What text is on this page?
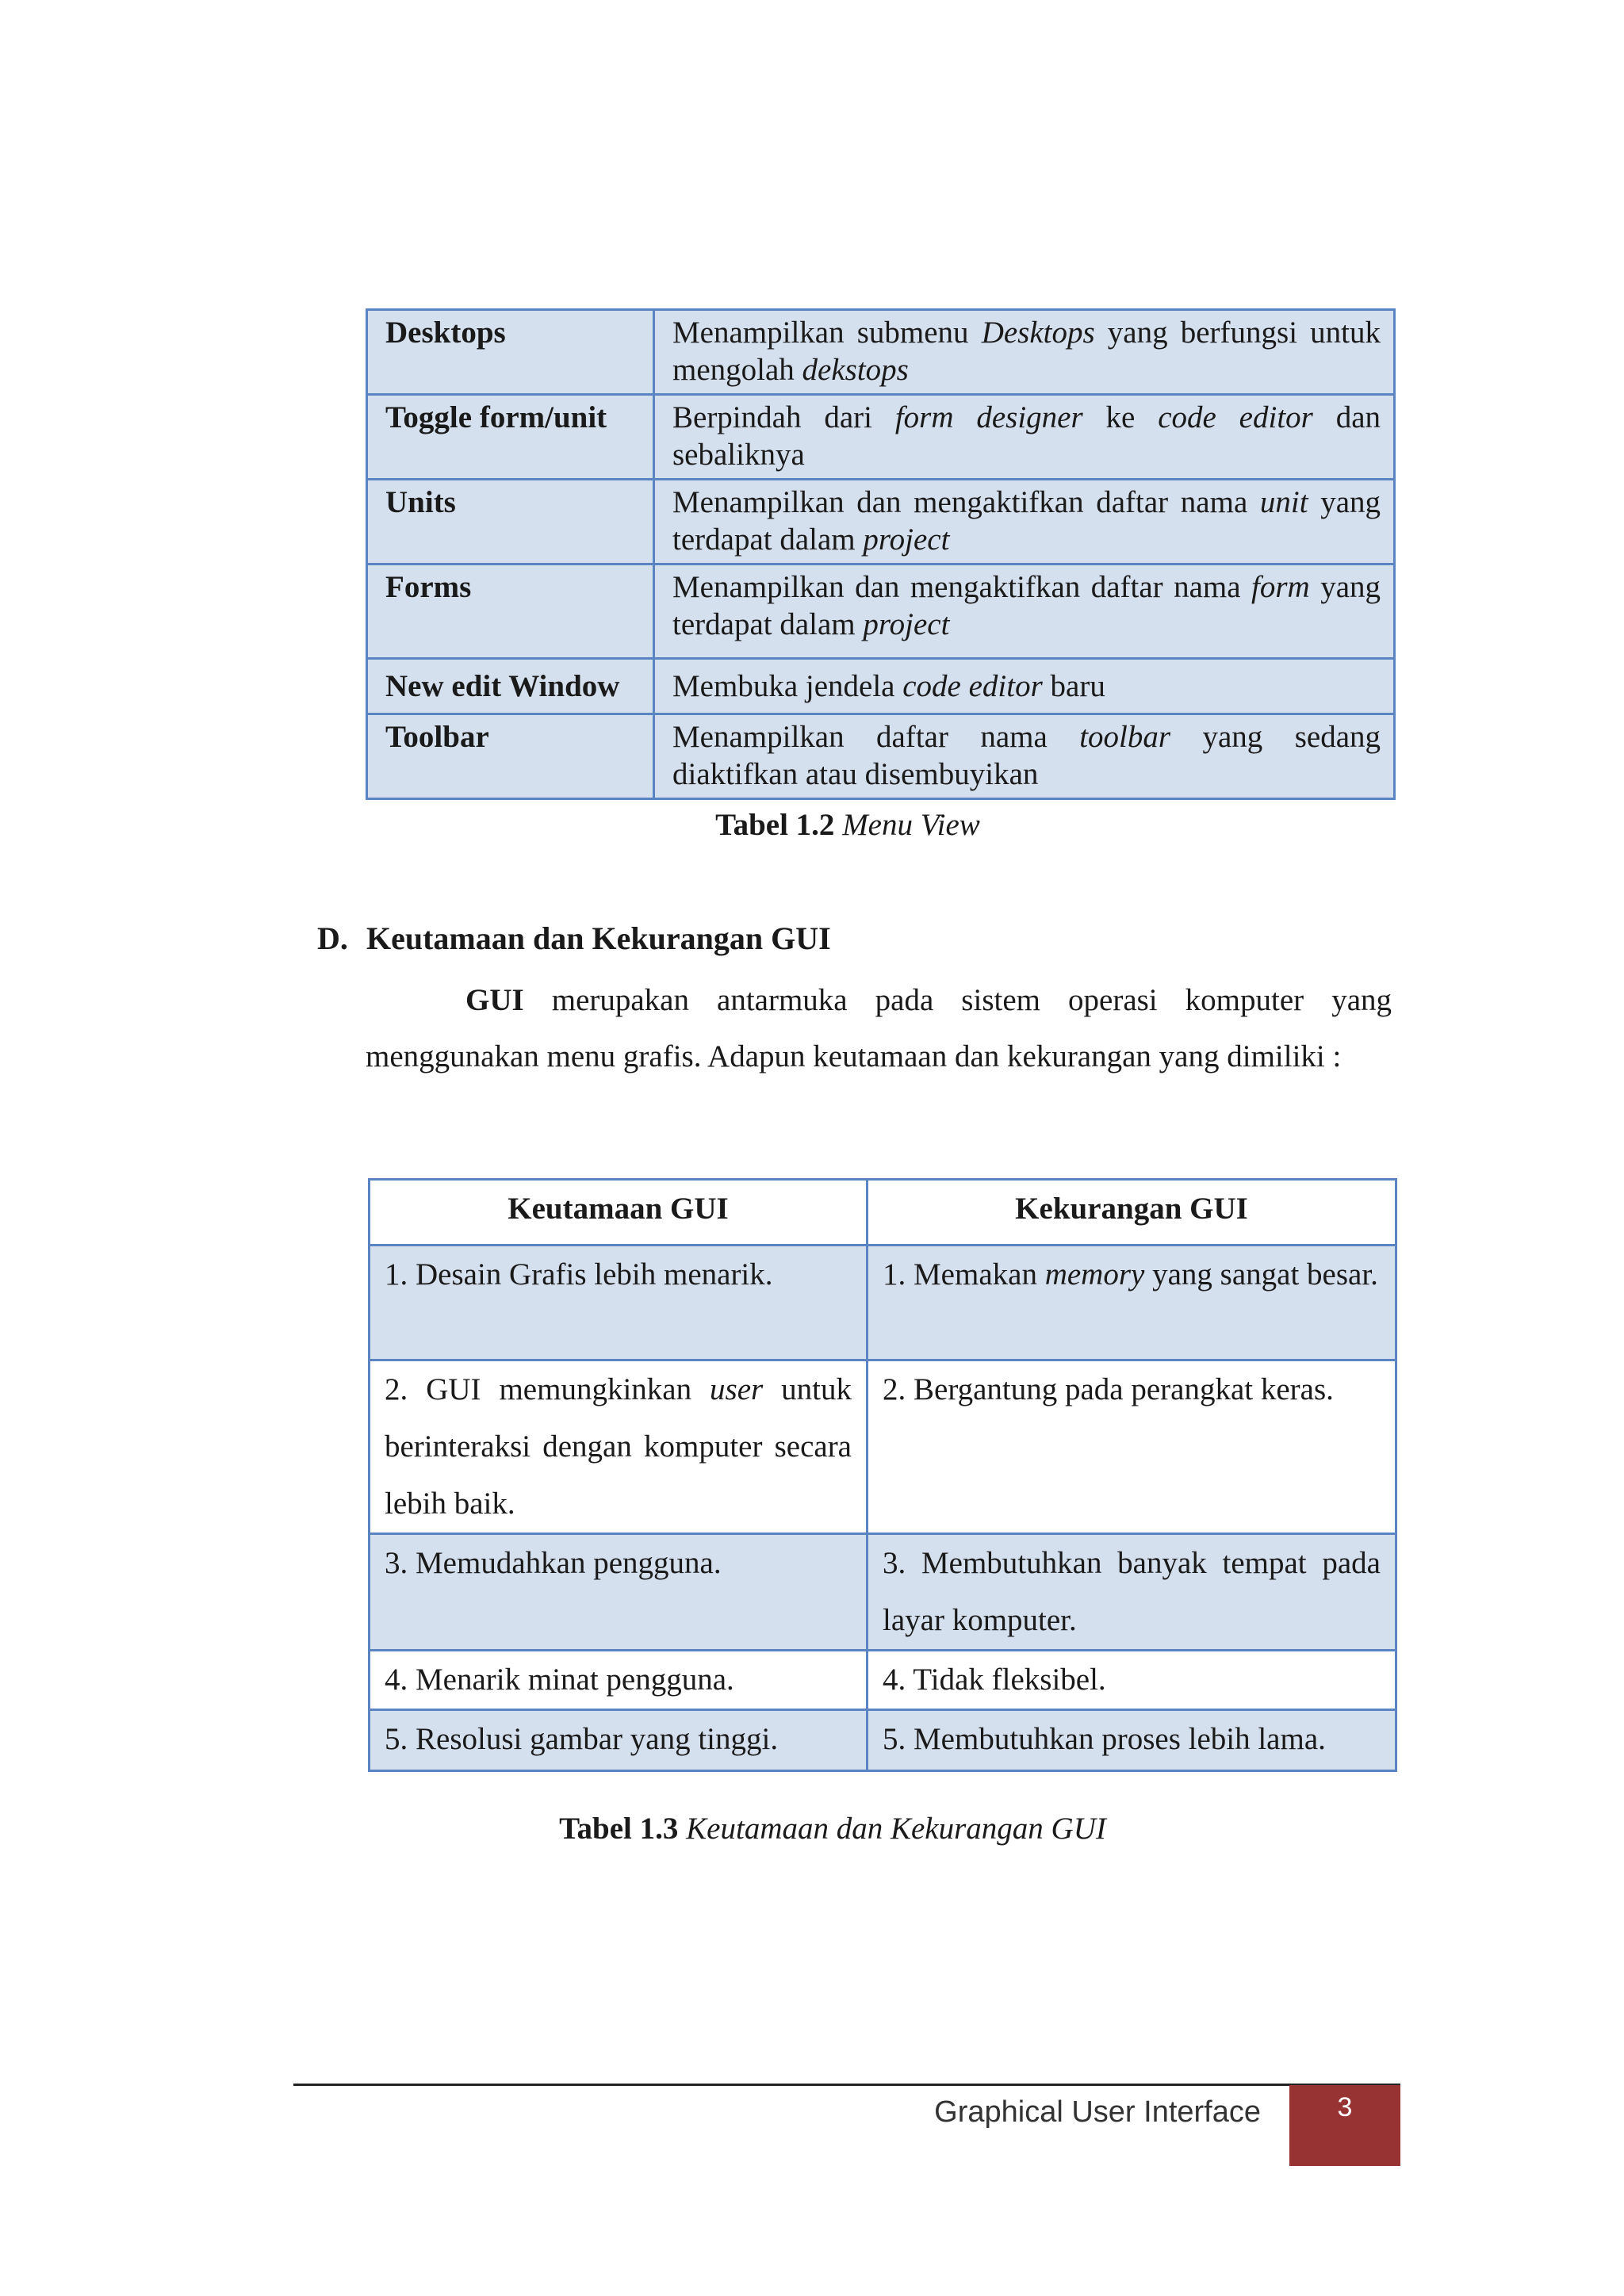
Desktops	Menampilkan submenu Desktops yang berfungsi untuk mengolah dekstops
Toggle form/unit	Berpindah dari form designer ke code editor dan sebaliknya
Units	Menampilkan dan mengaktifkan daftar nama unit yang terdapat dalam project
Forms	Menampilkan dan mengaktifkan daftar nama form yang terdapat dalam project
New edit Window	Membuka jendela code editor baru
Toolbar	Menampilkan daftar nama toolbar yang sedang diaktifkan atau disembuyikan
Tabel 1.2 Menu View
D. Keutamaan dan Kekurangan GUI
GUI merupakan antarmuka pada sistem operasi komputer yang menggunakan menu grafis. Adapun keutamaan dan kekurangan yang dimiliki :
Keutamaan GUI	Kekurangan GUI
1. Desain Grafis lebih menarik.	1. Memakan memory yang sangat besar.
2. GUI memungkinkan user untuk berinteraksi dengan komputer secara lebih baik.	2. Bergantung pada perangkat keras.
3. Memudahkan pengguna.	3. Membutuhkan banyak tempat pada layar komputer.
4. Menarik minat pengguna.	4. Tidak fleksibel.
5. Resolusi gambar yang tinggi.	5. Membutuhkan proses lebih lama.
Tabel 1.3 Keutamaan dan Kekurangan GUI
Graphical User Interface	3
